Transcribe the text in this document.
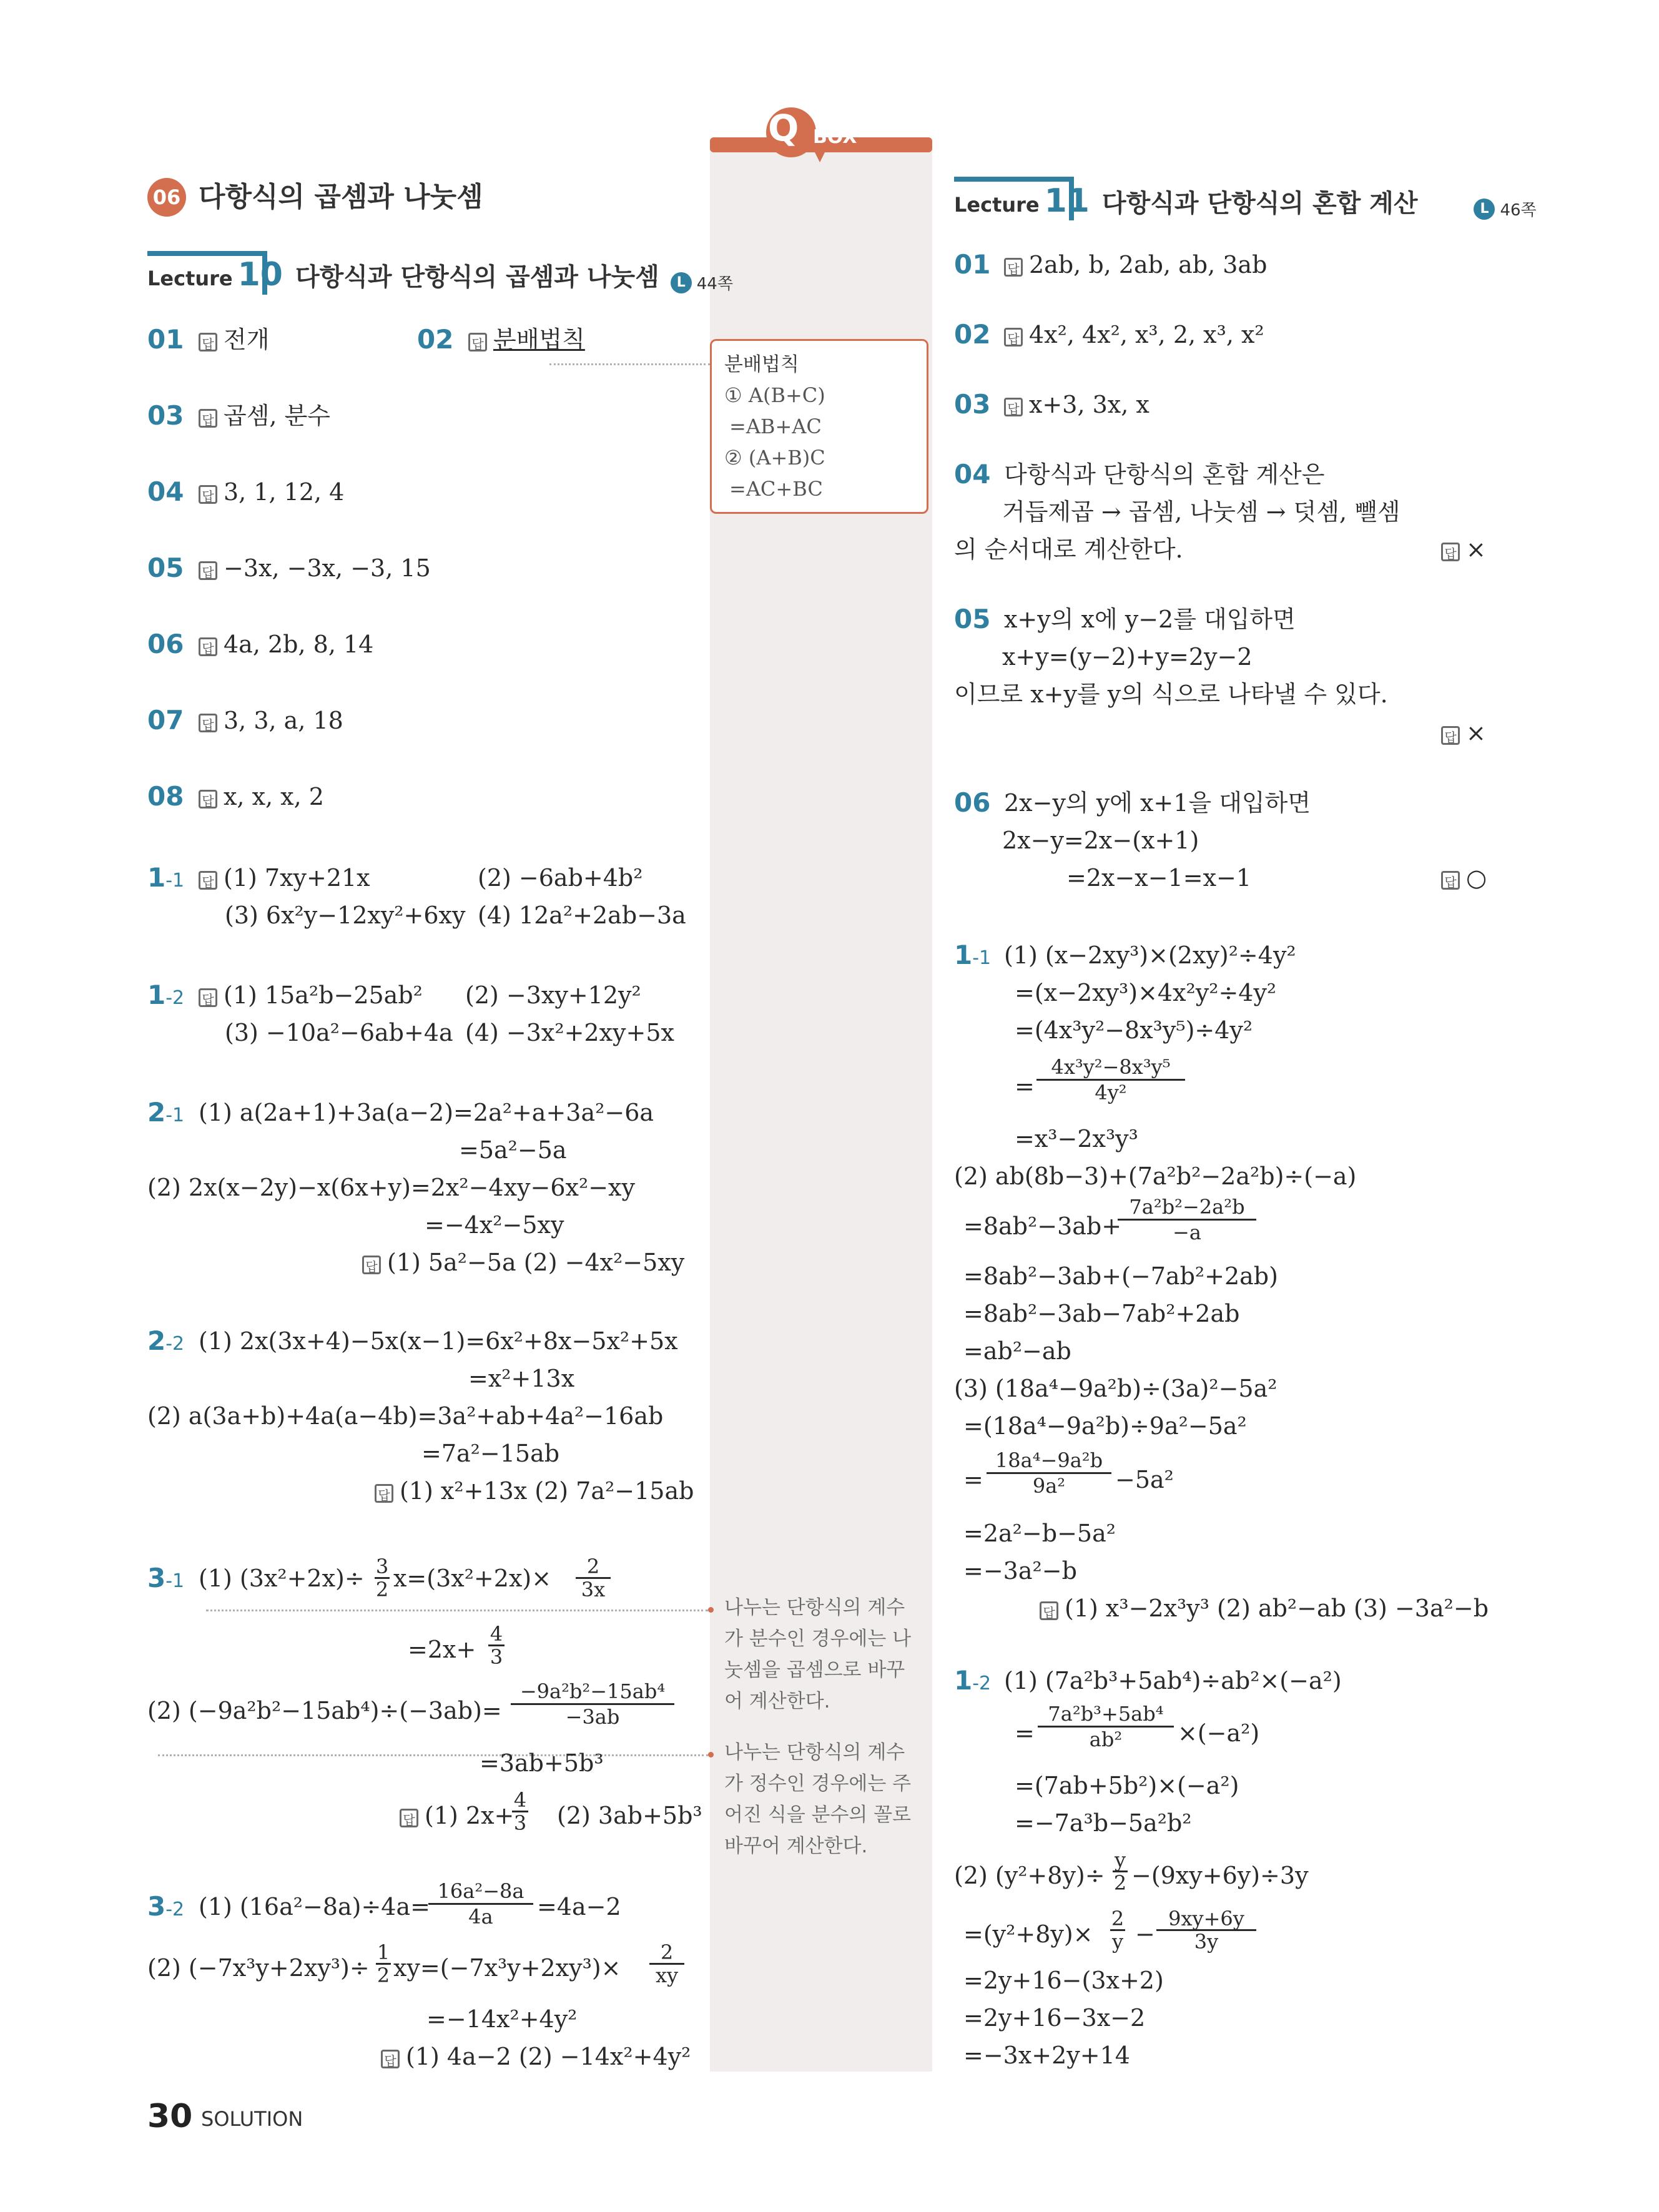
Q BOX
분배법칙
① A(B+C)
=AB+AC
② (A+B)C
=AC+BC
나누는 단항식의 계수
가 분수인 경우에는 나
눗셈을 곱셈으로 바꾸
어 계산한다.
나누는 단항식의 계수
가 정수인 경우에는 주
어진 식을 분수의 꼴로
바꾸어 계산한다.
06 다항식의 곱셈과 나눗셈
Lecture 10 다항식과 단항식의 곱셈과 나눗셈 L 44쪽
Lecture 11 다항식과 단항식의 혼합 계산	L 46쪽
01 답 전개	02 답 분배법칙
03 답 곱셈, 분수
04 답 3, 1, 12, 4
05 답 −3x, −3x, −3, 15
06 답 4a, 2b, 8, 14
07 답 3, 3, a, 18
08 답 x, x, x, 2
1-1 답 (1) 7xy+21x	(2) −6ab+4b²
(3) 6x²y−12xy²+6xy (4) 12a²+2ab−3a
1-2 답 (1) 15a²b−25ab² (2) −3xy+12y²
(3) −10a²−6ab+4a (4) −3x²+2xy+5x
2-1 (1) a(2a+1)+3a(a−2)=2a²+a+3a²−6a
=5a²−5a
(2) 2x(x−2y)−x(6x+y)=2x²−4xy−6x²−xy
=−4x²−5xy
답 (1) 5a²−5a (2) −4x²−5xy
2-2 (1) 2x(3x+4)−5x(x−1)=6x²+8x−5x²+5x
=x²+13x
(2) a(3a+b)+4a(a−4b)=3a²+ab+4a²−16ab
=7a²−15ab
답 (1) x²+13x (2) 7a²−15ab
3-1 (1) $(3x^2+2x)\div \frac{3}{2} x=(3x^2+2x)\times \frac{2}{3x}$
$=2x+ \frac{4}{3}$
(2) $(-9a^2b^2-15ab^4)\div(-3ab)= \frac{\text{−9a²b²−15ab⁴}}{-3ab}$
=3ab+5b³
답 (1) 2x+
$\frac{4}{3} (2)$ 3ab+5b³
3-2 (1) (16a²−8a)÷4a=
$\frac{\text{16a²−8a}}{4a} =4a-2$
(2) $(-7x^3y+2xy^3)\div \frac{1}{2} xy=(-7x^3y+2xy^3)\times \frac{2}{xy}$
=−14x²+4y²
답 (1) 4a−2 (2) −14x²+4y²
01 답 2ab, b, 2ab, ab, 3ab
02 답 4x², 4x², x³, 2, x³, x²
03 답 x+3, 3x, x
04 다항식과 단항식의 혼합 계산은
거듭제곱 → 곱셈, 나눗셈 → 덧셈, 뺄셈
의 순서대로 계산한다.	답 ×
05 x+y의 x에 y−2를 대입하면
x+y=(y−2)+y=2y−2
이므로 x+y를 y의 식으로 나타낼 수 있다.
답 ×
06 2x−y의 y에 x+1을 대입하면
2x−y=2x−(x+1)
=2x−x−1=x−1	답 ○
1-1 (1) (x−2xy³)×(2xy)²÷4y²
=(x−2xy³)×4x²y²÷4y²
=(4x³y²−8x³y⁵)÷4y²
= $\frac{\text{4x³y²−8x³y⁵}}{\text{4y²}}$
=x³−2x³y³
(2) ab(8b−3)+(7a²b²−2a²b)÷(−a)
=8ab²−3ab+
$\frac{\text{7a²b²−2a²b}}{-a}$
=8ab²−3ab+(−7ab²+2ab)
=8ab²−3ab−7ab²+2ab
=ab²−ab
(3) (18a⁴−9a²b)÷(3a)²−5a²
=(18a⁴−9a²b)÷9a²−5a²
= $\frac{\text{18a⁴−9a²b}}{\text{9a²}} -5a^2$
=2a²−b−5a²
=−3a²−b
답 (1) x³−2x³y³ (2) ab²−ab (3) −3a²−b
1-2 (1) (7a²b³+5ab⁴)÷ab²×(−a²)
= $\frac{\text{7a²b³+5ab⁴}}{\text{ab²}} \times(-a^2)$
=(7ab+5b²)×(−a²)
=−7a³b−5a²b²
(2) $(y^2+8y)\div \frac{y}{2} -(9xy+6y)\div 3y$
$=(y^2+8y)\times \frac{2}{y} - \frac{9xy+6y}{3y}$
=2y+16−(3x+2)
=2y+16−3x−2
=−3x+2y+14
30 SOLUTION
